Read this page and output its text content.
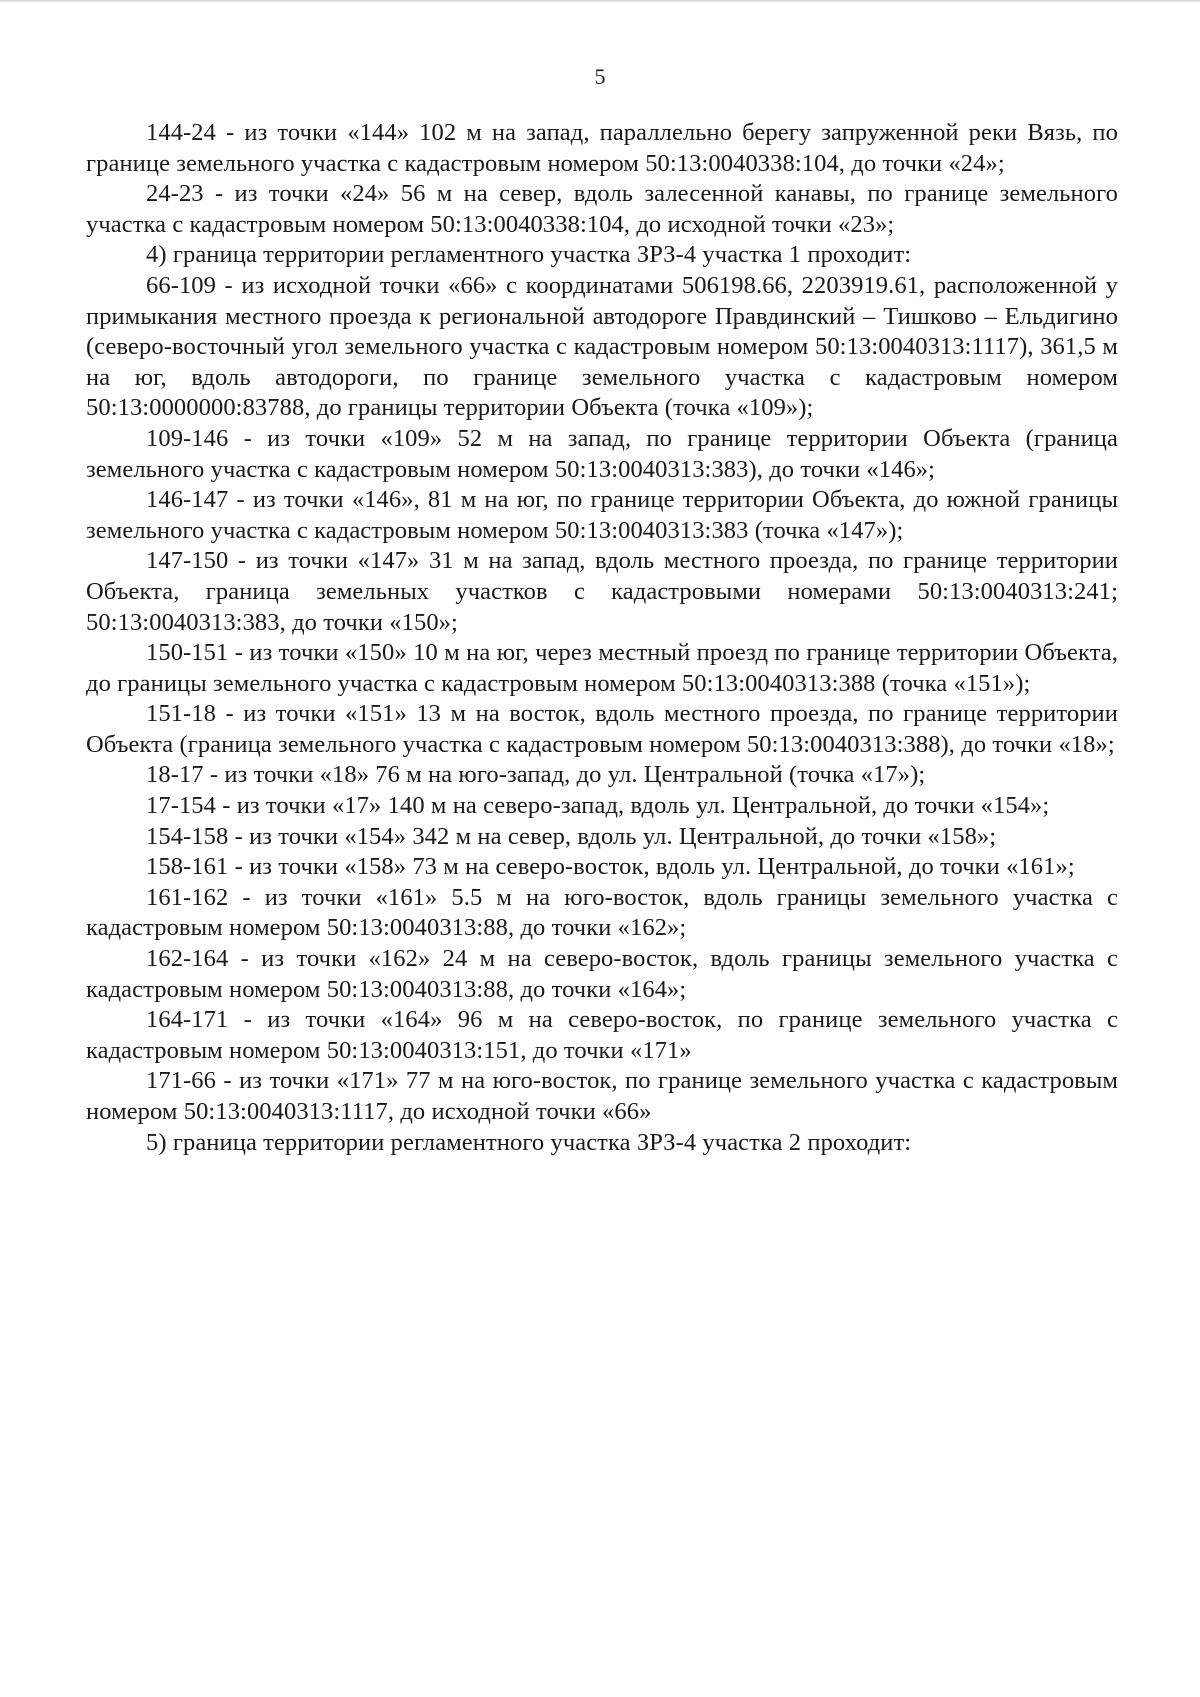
5

144-24 - из точки «144» 102 м на запад, параллельно берегу запруженной реки Вязь, по границе земельного участка с кадастровым номером 50:13:0040338:104, до точки «24»;

24-23 - из точки «24» 56 м на север, вдоль залесенной канавы, по границе земельного участка с кадастровым номером 50:13:0040338:104, до исходной точки «23»;

4) граница территории регламентного участка ЗРЗ-4 участка 1 проходит:

66-109 - из исходной точки «66» с координатами 506198.66, 2203919.61, расположенной у примыкания местного проезда к региональной автодороге Правдинский – Тишково – Ельдигино (северо-восточный угол земельного участка с кадастровым номером 50:13:0040313:1117), 361,5 м на юг, вдоль автодороги, по границе земельного участка с кадастровым номером 50:13:0000000:83788, до границы территории Объекта (точка «109»);

109-146 - из точки «109» 52 м на запад, по границе территории Объекта (граница земельного участка с кадастровым номером 50:13:0040313:383), до точки «146»;

146-147 - из точки «146», 81 м на юг, по границе территории Объекта, до южной границы земельного участка с кадастровым номером 50:13:0040313:383 (точка «147»);

147-150 - из точки «147» 31 м на запад, вдоль местного проезда, по границе территории Объекта, граница земельных участков с кадастровыми номерами 50:13:0040313:241; 50:13:0040313:383, до точки «150»;

150-151 - из точки «150» 10 м на юг, через местный проезд по границе территории Объекта, до границы земельного участка с кадастровым номером 50:13:0040313:388 (точка «151»);

151-18 - из точки «151» 13 м на восток, вдоль местного проезда, по границе территории Объекта (граница земельного участка с кадастровым номером 50:13:0040313:388), до точки «18»;

18-17 - из точки «18» 76 м на юго-запад, до ул. Центральной (точка «17»);

17-154 - из точки «17» 140 м на северо-запад, вдоль ул. Центральной, до точки «154»;

154-158 - из точки «154» 342 м на север, вдоль ул. Центральной, до точки «158»;

158-161 - из точки «158» 73 м на северо-восток, вдоль ул. Центральной, до точки «161»;

161-162 - из точки «161» 5.5 м на юго-восток, вдоль границы земельного участка с кадастровым номером 50:13:0040313:88, до точки «162»;

162-164 - из точки «162» 24 м на северо-восток, вдоль границы земельного участка с кадастровым номером 50:13:0040313:88, до точки «164»;

164-171 - из точки «164» 96 м на северо-восток, по границе земельного участка с кадастровым номером 50:13:0040313:151, до точки «171»

171-66 - из точки «171» 77 м на юго-восток, по границе земельного участка с кадастровым номером 50:13:0040313:1117, до исходной точки «66»

5) граница территории регламентного участка ЗРЗ-4 участка 2 проходит:
